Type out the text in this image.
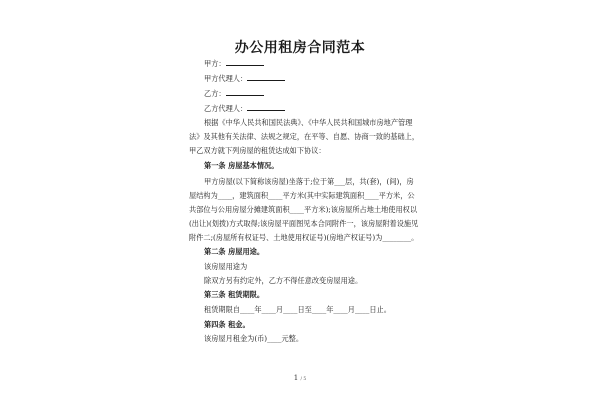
办公用租房合同范本
甲方：
甲方代理人：
乙方：
乙方代理人：
根据《中华人民共和国民法典》、《中华人民共和国城市房地产管理
法》及其他有关法律、法规之规定，在平等、自愿、协商一致的基础上，
甲乙双方就下列房屋的租赁达成如下协议：
第一条 房屋基本情况。
甲方房屋(以下简称该房屋)坐落于;位于第___层，共(套)，(间)，房
屋结构为____，建筑面积____平方米(其中实际建筑面积____平方米，公
共部位与公用房屋分摊建筑面积____平方米);该房屋所占地土地使用权以
(出让)(划拨)方式取得;该房屋平面图见本合同附件一，该房屋附着设施见
附件二;(房屋所有权证号、土地使用权证号)(房地产权证号)为________。
第二条 房屋用途。
该房屋用途为
除双方另有约定外，乙方不得任意改变房屋用途。
第三条 租赁期限。
租赁期限自____年____月____日至____年____月____日止。
第四条 租金。
该房屋月租金为(币)____元整。
1 / 5
